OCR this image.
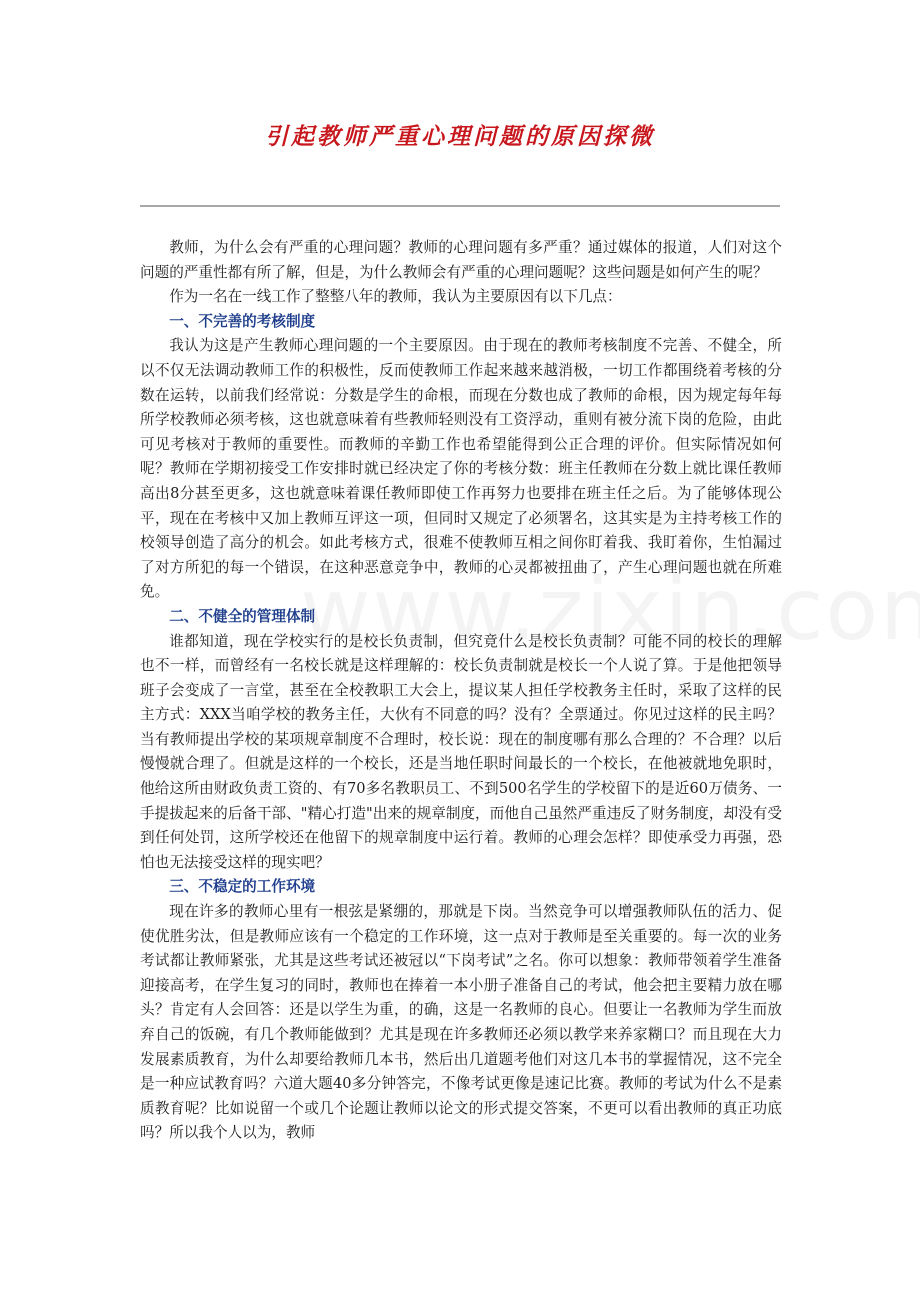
引起教师严重心理问题的原因探微

教师，为什么会有严重的心理问题？教师的心理问题有多严重？通过媒体的报道，人们对这个问题的严重性都有所了解，但是，为什么教师会有严重的心理问题呢？这些问题是如何产生的呢？

作为一名在一线工作了整整八年的教师，我认为主要原因有以下几点：

一、不完善的考核制度

我认为这是产生教师心理问题的一个主要原因。由于现在的教师考核制度不完善、不健全，所以不仅无法调动教师工作的积极性，反而使教师工作起来越来越消极，一切工作都围绕着考核的分数在运转，以前我们经常说：分数是学生的命根，而现在分数也成了教师的命根，因为规定每年每所学校教师必须考核，这也就意味着有些教师轻则没有工资浮动，重则有被分流下岗的危险，由此可见考核对于教师的重要性。而教师的辛勤工作也希望能得到公正合理的评价。但实际情况如何呢？教师在学期初接受工作安排时就已经决定了你的考核分数：班主任教师在分数上就比课任教师高出8分甚至更多，这也就意味着课任教师即使工作再努力也要排在班主任之后。为了能够体现公平，现在在考核中又加上教师互评这一项，但同时又规定了必须署名，这其实是为主持考核工作的校领导创造了高分的机会。如此考核方式，很难不使教师互相之间你盯着我、我盯着你，生怕漏过了对方所犯的每一个错误，在这种恶意竞争中，教师的心灵都被扭曲了，产生心理问题也就在所难免。

二、不健全的管理体制

谁都知道，现在学校实行的是校长负责制，但究竟什么是校长负责制？可能不同的校长的理解也不一样，而曾经有一名校长就是这样理解的：校长负责制就是校长一个人说了算。于是他把领导班子会变成了一言堂，甚至在全校教职工大会上，提议某人担任学校教务主任时，采取了这样的民主方式：XXX当咱学校的教务主任，大伙有不同意的吗？没有？全票通过。你见过这样的民主吗？当有教师提出学校的某项规章制度不合理时，校长说：现在的制度哪有那么合理的？不合理？以后慢慢就合理了。但就是这样的一个校长，还是当地任职时间最长的一个校长，在他被就地免职时，他给这所由财政负责工资的、有70多名教职员工、不到500名学生的学校留下的是近60万债务、一手提拔起来的后备干部、"精心打造"出来的规章制度，而他自己虽然严重违反了财务制度，却没有受到任何处罚，这所学校还在他留下的规章制度中运行着。教师的心理会怎样？即使承受力再强，恐怕也无法接受这样的现实吧？

三、不稳定的工作环境

现在许多的教师心里有一根弦是紧绷的，那就是下岗。当然竞争可以增强教师队伍的活力、促使优胜劣汰，但是教师应该有一个稳定的工作环境，这一点对于教师是至关重要的。每一次的业务考试都让教师紧张，尤其是这些考试还被冠以“下岗考试”之名。你可以想象：教师带领着学生准备迎接高考，在学生复习的同时，教师也在捧着一本小册子准备自己的考试，他会把主要精力放在哪头？肯定有人会回答：还是以学生为重，的确，这是一名教师的良心。但要让一名教师为学生而放弃自己的饭碗，有几个教师能做到？尤其是现在许多教师还必须以教学来养家糊口？而且现在大力发展素质教育，为什么却要给教师几本书，然后出几道题考他们对这几本书的掌握情况，这不完全是一种应试教育吗？六道大题40多分钟答完，不像考试更像是速记比赛。教师的考试为什么不是素质教育呢？比如说留一个或几个论题让教师以论文的形式提交答案，不更可以看出教师的真正功底吗？所以我个人以为，教师
